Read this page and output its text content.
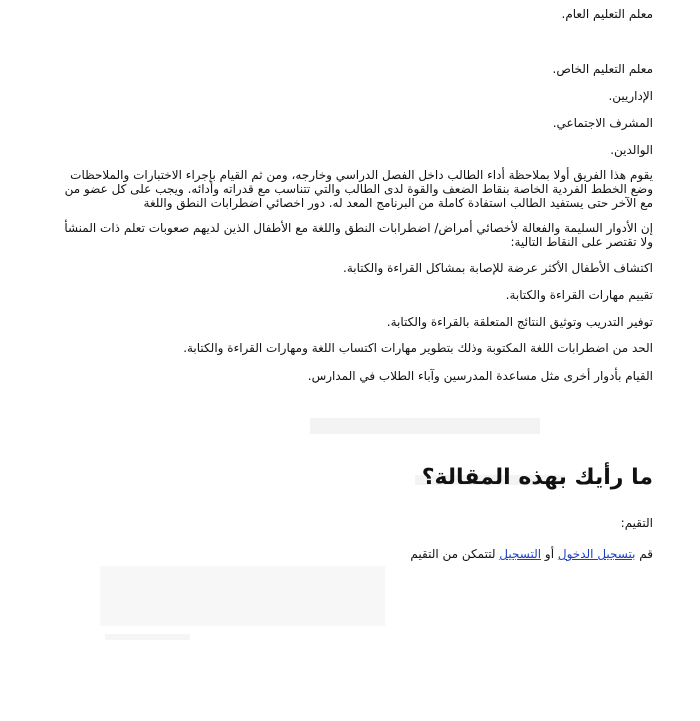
معلم التعليم العام.

معلم التعليم الخاص.

الإداريين.

المشرف الاجتماعي.

الوالدين.

يقوم هذا الفريق أولا بملاحظة أداء الطالب داخل الفصل الدراسي وخارجه، ومن ثم القيام بإجراء الاختبارات والملاحظات

وضع الخطط الفردية الخاصة بنقاط الضعف والقوة لدى الطالب والتي تتناسب مع قدراته وأدائه. ويجب على كل عضو من

مع الآخر حتى يستفيد الطالب استفادة كاملة من البرنامج المعد له. دور اخصائي اضطرابات النطق واللغة

إن الأدوار السليمة والفعالة لأخصائي أمراض/ اضطرابات النطق واللغة مع الأطفال الذين لديهم صعوبات تعلم ذات المنشأ

ولا تقتصر على النقاط التالية:

اكتشاف الأطفال الأكثر عرضة للإصابة بمشاكل القراءة والكتابة.

تقييم مهارات القراءة والكتابة.

توفير التدريب وتوثيق النتائج المتعلقة بالقراءة والكتابة.

الحد من اضطرابات اللغة المكتوبة وذلك بتطوير مهارات اكتساب اللغة ومهارات القراءة والكتابة.

القيام بأدوار أخرى مثل مساعدة المدرسين وآباء الطلاب في المدارس.

ما رأيك بهذه المقالة؟

التقيم:

قم بتسجيل الدخول أو التسجيل لتتمكن من التقيم
